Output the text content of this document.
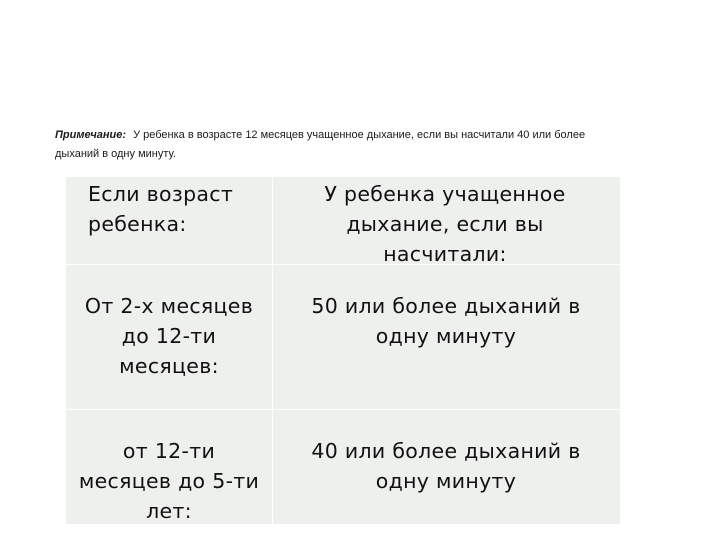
Примечание: У ребенка в возрасте 12 месяцев учащенное дыхание, если вы насчитали 40 или более дыханий в одну минуту.
Если возраст ребенка:
У ребенка учащенное дыхание, если вы насчитали:
От 2-х месяцев до 12-ти месяцев:
50 или более дыханий в одну минуту
от 12-ти месяцев до 5-ти лет:
40 или более дыханий в одну минуту
